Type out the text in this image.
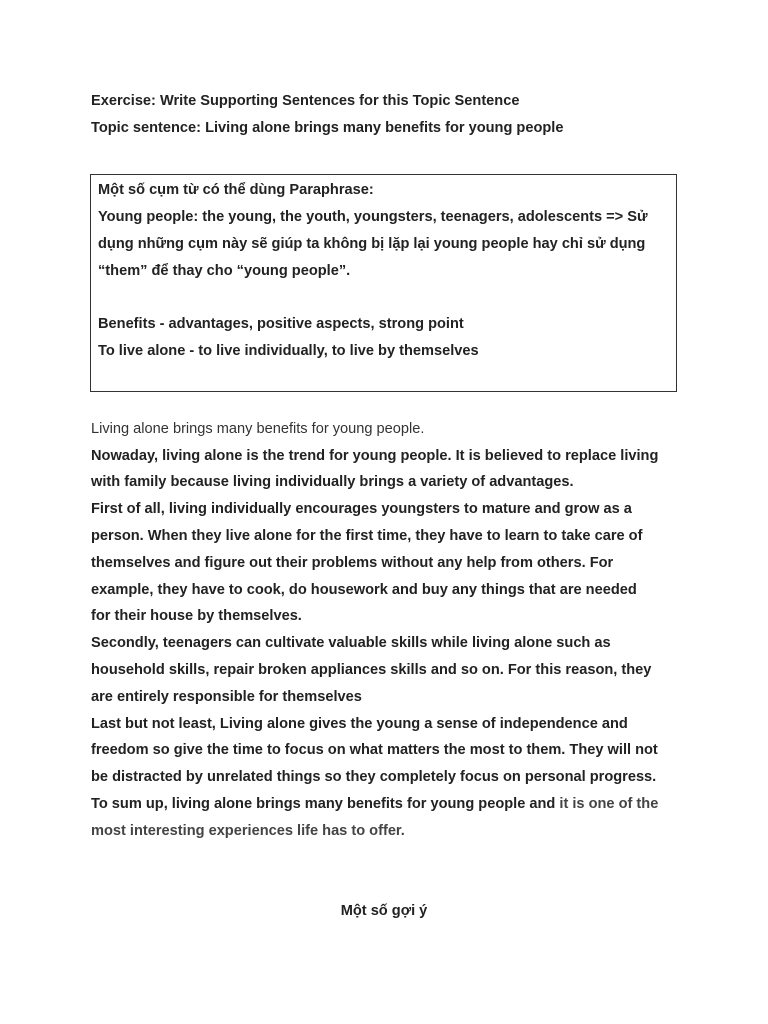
Exercise: Write Supporting Sentences for this Topic Sentence
Topic sentence: Living alone brings many benefits for young people
Một số cụm từ có thể dùng Paraphrase:
Young people: the young, the youth, youngsters, teenagers, adolescents => Sử
dụng những cụm này sẽ giúp ta không bị lặp lại young people hay chỉ sử dụng
“them” để thay cho “young people”.
Benefits - advantages, positive aspects, strong point
To live alone - to live individually, to live by themselves
Living alone brings many benefits for young people.
Nowaday, living alone is the trend for young people. It is believed to replace living
with family because living individually brings a variety of advantages.
First of all, living individually encourages youngsters to mature and grow as a
person. When they live alone for the first time, they have to learn to take care of
themselves and figure out their problems without any help from others. For
example, they have to cook, do housework and buy any things that are needed
for their house by themselves.
Secondly, teenagers can cultivate valuable skills while living alone such as
household skills, repair broken appliances skills and so on. For this reason, they
are entirely responsible for themselves
Last but not least, Living alone gives the young a sense of independence and
freedom so give the time to focus on what matters the most to them. They will not
be distracted by unrelated things so they completely focus on personal progress.
To sum up, living alone brings many benefits for young people and it is one of the
most interesting experiences life has to offer.
Một số gợi ý
